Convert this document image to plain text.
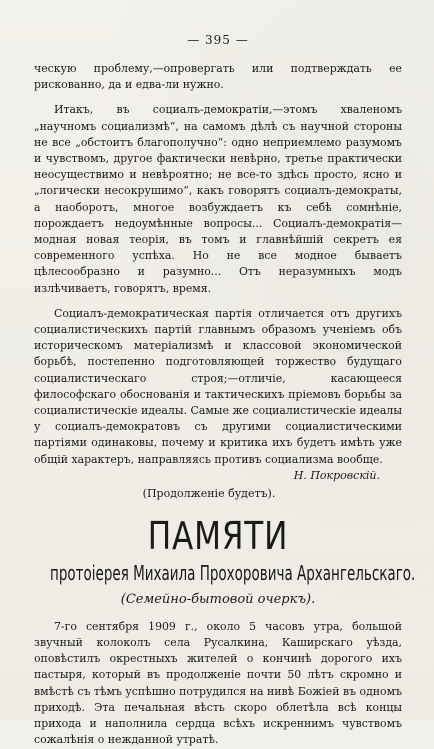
— 395 —

ческую проблему,—опровергать или подтверждать ее рискованно, да и едва-ли нужно.

Итакъ, въ социалъ-демократіи,—этомъ хваленомъ „научномъ социализмѣ“, на самомъ дѣлѣ съ научной стороны не все „обстоитъ благополучно“: одно неприемлемо разумомъ и чувствомъ, другое фактически невѣрно, третье практически неосуществимо и невѣроятно; не все-то здѣсь просто, ясно и „логически несокрушимо“, какъ говорятъ социалъ-демократы, а наоборотъ, многое возбуждаетъ къ себѣ сомнѣніе, порождаетъ недоумѣнные вопросы... Социалъ-демократія—модная новая теорія, въ томъ и главнѣйшій секретъ ея современного успѣха. Но не все модное бываетъ цѣлесообразно и разумно... Отъ неразумныхъ модъ излѣчиваетъ, говорятъ, время.

Социалъ-демократическая партія отличается отъ другихъ социалистическихъ партій главнымъ образомъ ученіемъ объ историческомъ матеріализмѣ и классовой экономической борьбѣ, постепенно подготовляющей торжество будущаго социалистическаго строя;—отличіе, касающееся философскаго обоснованія и тактическихъ пріемовъ борьбы за социалистическіе идеалы. Самые же социалистическіе идеалы у социалъ-демократовъ съ другими социалистическими партіями одинаковы, почему и критика ихъ будетъ имѣть уже общій характеръ, направляясь противъ социализма вообще.

Н. Покровскій.
(Продолженіе будетъ).
ПАМЯТИ
протоіерея Михаила Прохоровича Архангельскаго.
(Семейно-бытовой очеркъ).

7-го сентября 1909 г., около 5 часовъ утра, большой звучный колоколъ села Русалкина, Каширскаго уѣзда, оповѣстилъ окрестныхъ жителей о кончинѣ дорогого ихъ пастыря, который въ продолженіе почти 50 лѣтъ скромно и вмѣстѣ съ тѣмъ успѣшно потрудился на нивѣ Божіей въ одномъ приходѣ. Эта печальная вѣсть скоро облетѣла всѣ концы прихода и наполнила сердца всѣхъ искреннимъ чувствомъ сожалѣнія о нежданной утратѣ.
